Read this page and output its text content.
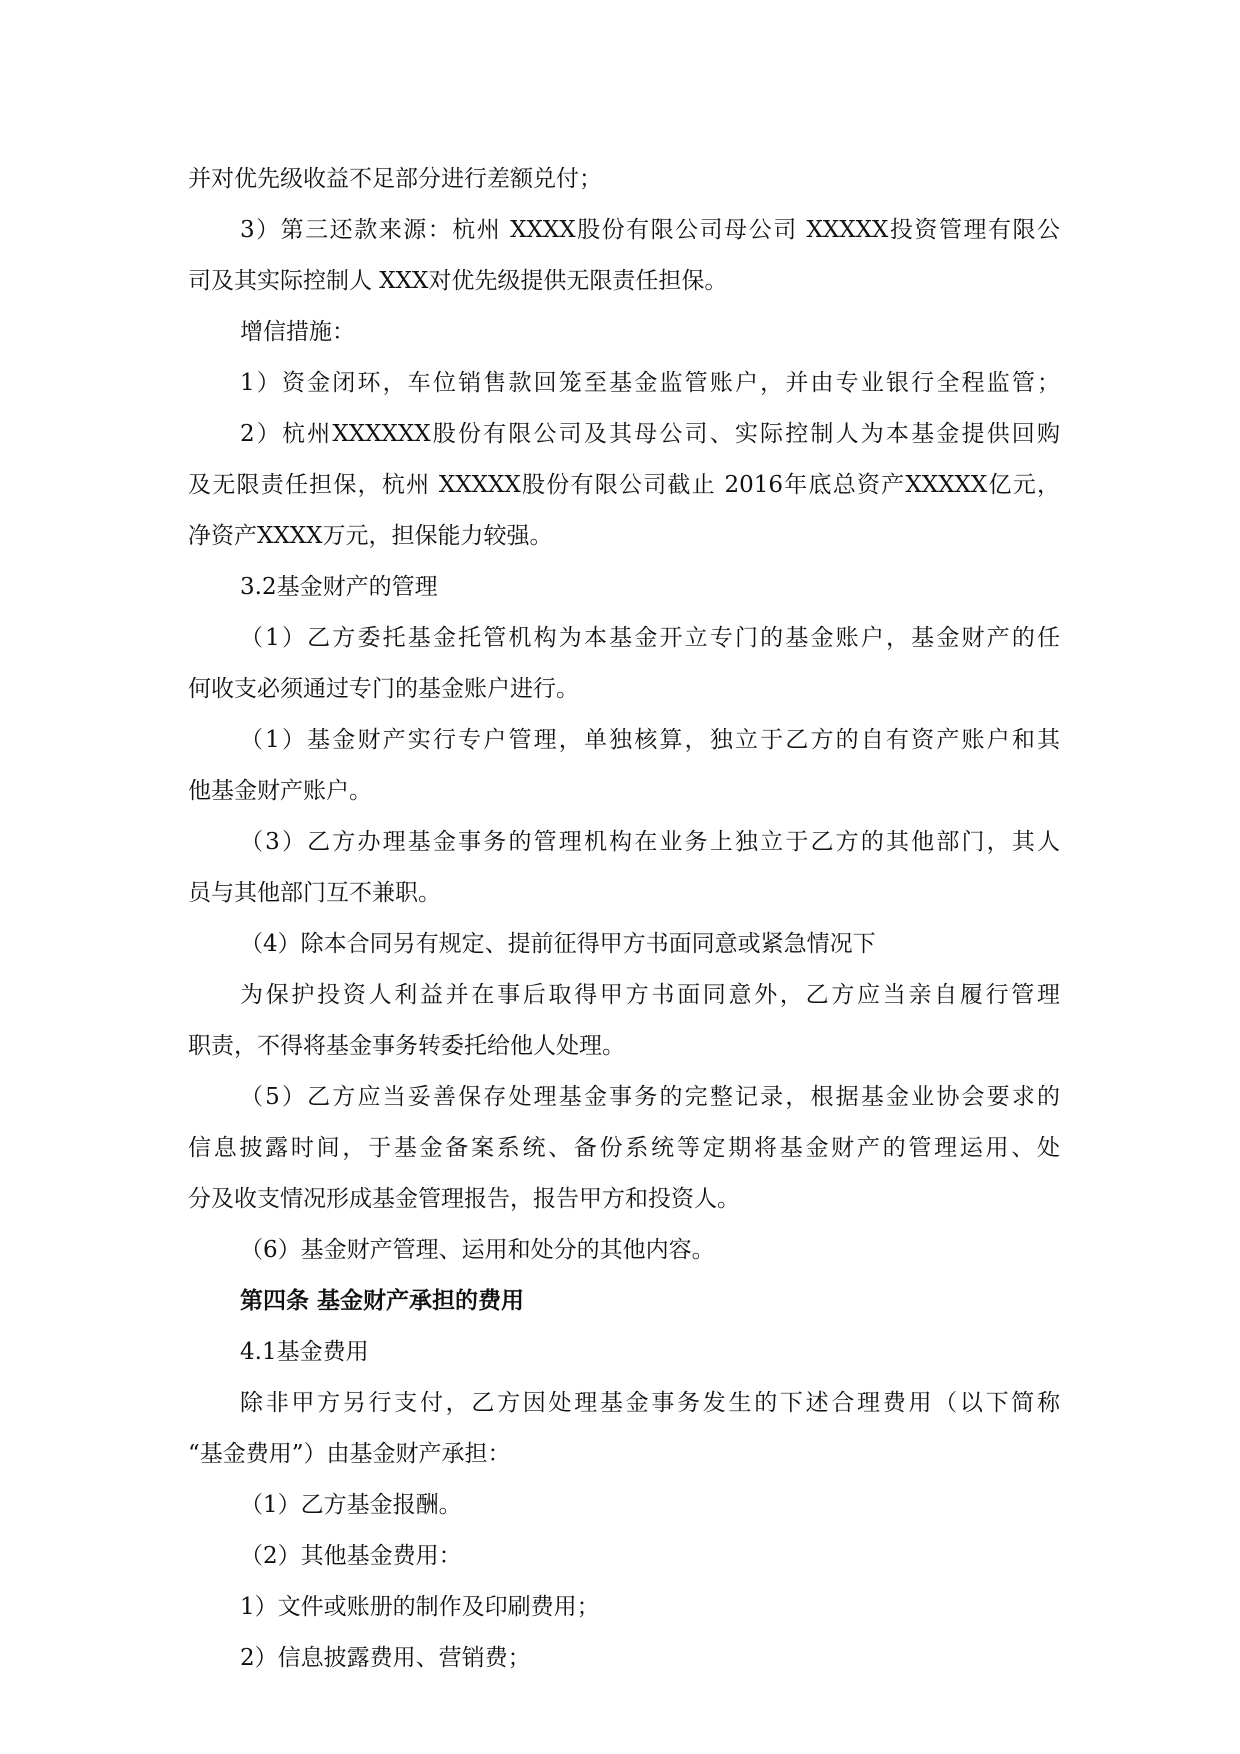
并对优先级收益不足部分进行差额兑付；

3）第三还款来源：杭州 XXXX股份有限公司母公司 XXXXX投资管理有限公

司及其实际控制人 XXX对优先级提供无限责任担保。

增信措施：

1）资金闭环，车位销售款回笼至基金监管账户，并由专业银行全程监管；

2）杭州XXXXXX股份有限公司及其母公司、实际控制人为本基金提供回购

及无限责任担保，杭州 XXXXX股份有限公司截止 2016年底总资产XXXXX亿元，

净资产XXXX万元，担保能力较强。

3.2基金财产的管理

（1）乙方委托基金托管机构为本基金开立专门的基金账户，基金财产的任

何收支必须通过专门的基金账户进行。

（1）基金财产实行专户管理，单独核算，独立于乙方的自有资产账户和其

他基金财产账户。

（3）乙方办理基金事务的管理机构在业务上独立于乙方的其他部门，其人

员与其他部门互不兼职。

（4）除本合同另有规定、提前征得甲方书面同意或紧急情况下

为保护投资人利益并在事后取得甲方书面同意外，乙方应当亲自履行管理

职责，不得将基金事务转委托给他人处理。

（5）乙方应当妥善保存处理基金事务的完整记录，根据基金业协会要求的

信息披露时间，于基金备案系统、备份系统等定期将基金财产的管理运用、处

分及收支情况形成基金管理报告，报告甲方和投资人。

（6）基金财产管理、运用和处分的其他内容。

第四条 基金财产承担的费用

4.1基金费用

除非甲方另行支付，乙方因处理基金事务发生的下述合理费用（以下简称

“基金费用”）由基金财产承担：

（1）乙方基金报酬。

（2）其他基金费用：

1）文件或账册的制作及印刷费用；

2）信息披露费用、营销费；
